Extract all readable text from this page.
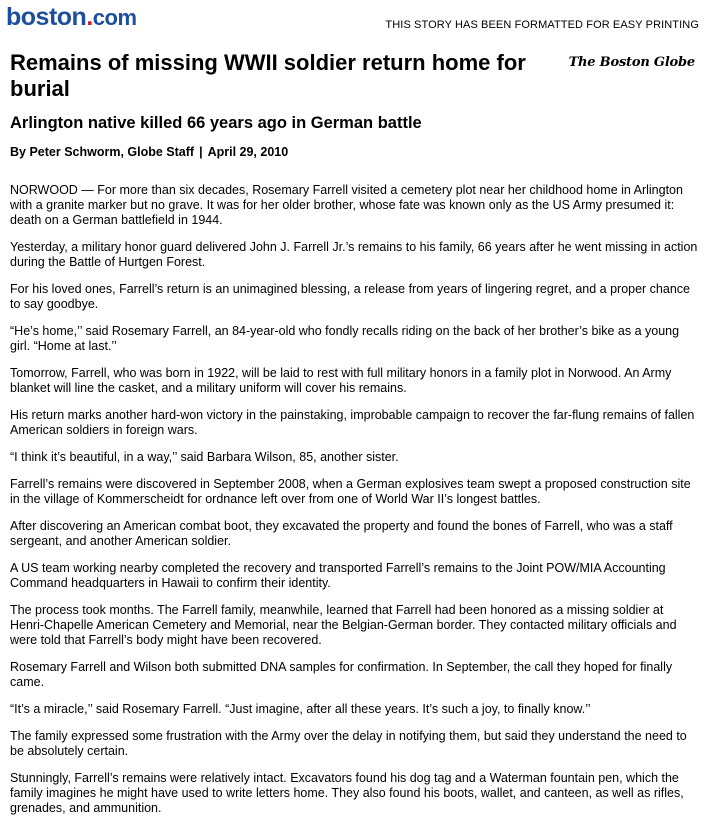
boston.com	THIS STORY HAS BEEN FORMATTED FOR EASY PRINTING
Remains of missing WWII soldier return home for burial
The Boston Globe
Arlington native killed 66 years ago in German battle
By Peter Schworm, Globe Staff | April 29, 2010

NORWOOD — For more than six decades, Rosemary Farrell visited a cemetery plot near her childhood home in Arlington with a granite marker but no grave. It was for her older brother, whose fate was known only as the US Army presumed it: death on a German battlefield in 1944.

Yesterday, a military honor guard delivered John J. Farrell Jr.’s remains to his family, 66 years after he went missing in action during the Battle of Hurtgen Forest.

For his loved ones, Farrell’s return is an unimagined blessing, a release from years of lingering regret, and a proper chance to say goodbye.

“He’s home,’’ said Rosemary Farrell, an 84-year-old who fondly recalls riding on the back of her brother’s bike as a young girl. “Home at last.’’

Tomorrow, Farrell, who was born in 1922, will be laid to rest with full military honors in a family plot in Norwood. An Army blanket will line the casket, and a military uniform will cover his remains.

His return marks another hard-won victory in the painstaking, improbable campaign to recover the far-flung remains of fallen American soldiers in foreign wars.

“I think it’s beautiful, in a way,’’ said Barbara Wilson, 85, another sister.

Farrell’s remains were discovered in September 2008, when a German explosives team swept a proposed construction site in the village of Kommerscheidt for ordnance left over from one of World War II’s longest battles.

After discovering an American combat boot, they excavated the property and found the bones of Farrell, who was a staff sergeant, and another American soldier.

A US team working nearby completed the recovery and transported Farrell’s remains to the Joint POW/MIA Accounting Command headquarters in Hawaii to confirm their identity.

The process took months. The Farrell family, meanwhile, learned that Farrell had been honored as a missing soldier at Henri-Chapelle American Cemetery and Memorial, near the Belgian-German border. They contacted military officials and were told that Farrell’s body might have been recovered.

Rosemary Farrell and Wilson both submitted DNA samples for confirmation. In September, the call they hoped for finally came.

“It’s a miracle,’’ said Rosemary Farrell. “Just imagine, after all these years. It’s such a joy, to finally know.’’

The family expressed some frustration with the Army over the delay in notifying them, but said they understand the need to be absolutely certain.

Stunningly, Farrell’s remains were relatively intact. Excavators found his dog tag and a Waterman fountain pen, which the family imagines he might have used to write letters home. They also found his boots, wallet, and canteen, as well as rifles, grenades, and ammunition.
